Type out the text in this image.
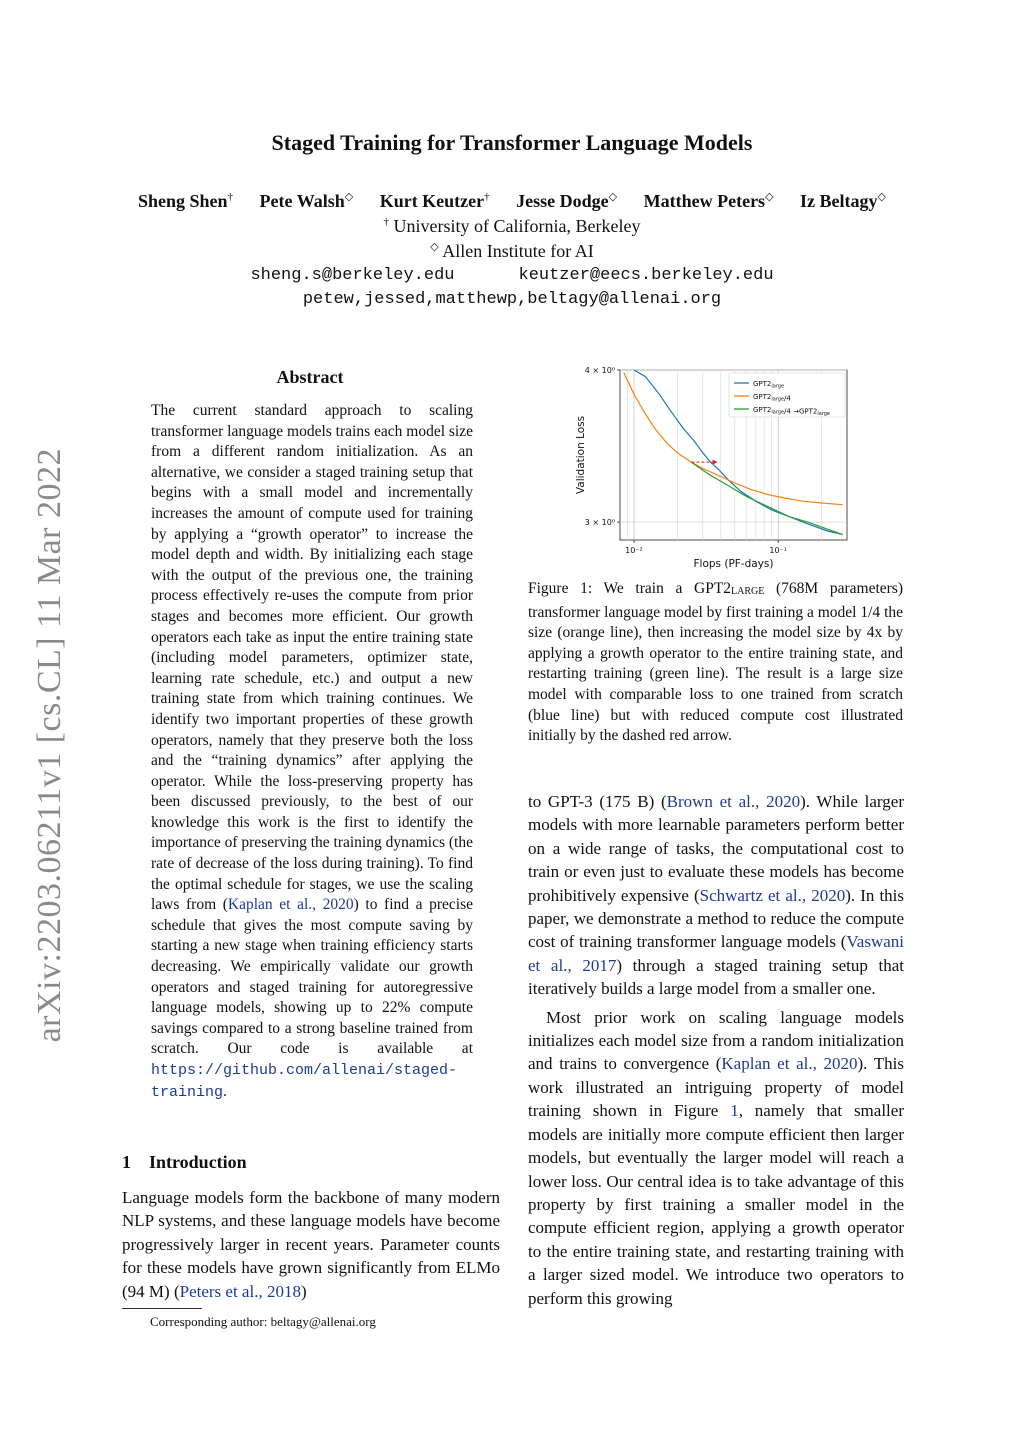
arXiv:2203.06211v1 [cs.CL] 11 Mar 2022
Staged Training for Transformer Language Models
Sheng Shen† Pete Walsh◇ Kurt Keutzer† Jesse Dodge◇ Matthew Peters◇ Iz Beltagy◇
† University of California, Berkeley
◇ Allen Institute for AI
sheng.s@berkeley.edu	keutzer@eecs.berkeley.edu
petew,jessed,matthewp,beltagy@allenai.org
Abstract
The current standard approach to scaling transformer language models trains each model size from a different random initialization. As an alternative, we consider a staged training setup that begins with a small model and incrementally increases the amount of compute used for training by applying a “growth operator” to increase the model depth and width. By initializing each stage with the output of the previous one, the training process effectively re-uses the compute from prior stages and becomes more efficient. Our growth operators each take as input the entire training state (including model parameters, optimizer state, learning rate schedule, etc.) and output a new training state from which training continues. We identify two important properties of these growth operators, namely that they preserve both the loss and the “training dynamics” after applying the operator. While the loss-preserving property has been discussed previously, to the best of our knowledge this work is the first to identify the importance of preserving the training dynamics (the rate of decrease of the loss during training). To find the optimal schedule for stages, we use the scaling laws from (Kaplan et al., 2020) to find a precise schedule that gives the most compute saving by starting a new stage when training efficiency starts decreasing. We empirically validate our growth operators and staged training for autoregressive language models, showing up to 22% compute savings compared to a strong baseline trained from scratch. Our code is available at https://github.com/allenai/staged-training.
1 Introduction
Language models form the backbone of many modern NLP systems, and these language models have become progressively larger in recent years. Parameter counts for these models have grown significantly from ELMo (94 M) (Peters et al., 2018)
Corresponding author: beltagy@allenai.org
10⁻²	10⁻¹
4 × 10⁰
3 × 10⁰
Flops (PF-days)
Validation Loss
$GPT2_{large}$
$GPT2_{large}/4$
$GPT2_{large}/4 \to GPT2_{large}$
Figure 1: We train a GPT2LARGE (768M parameters) transformer language model by first training a model 1/4 the size (orange line), then increasing the model size by 4x by applying a growth operator to the entire training state, and restarting training (green line). The result is a large size model with comparable loss to one trained from scratch (blue line) but with reduced compute cost illustrated initially by the dashed red arrow.

to GPT-3 (175 B) (Brown et al., 2020). While larger models with more learnable parameters perform better on a wide range of tasks, the computational cost to train or even just to evaluate these models has become prohibitively expensive (Schwartz et al., 2020). In this paper, we demonstrate a method to reduce the compute cost of training transformer language models (Vaswani et al., 2017) through a staged training setup that iteratively builds a large model from a smaller one.

Most prior work on scaling language models initializes each model size from a random initialization and trains to convergence (Kaplan et al., 2020). This work illustrated an intriguing property of model training shown in Figure 1, namely that smaller models are initially more compute efficient then larger models, but eventually the larger model will reach a lower loss. Our central idea is to take advantage of this property by first training a smaller model in the compute efficient region, applying a growth operator to the entire training state, and restarting training with a larger sized model. We introduce two operators to perform this growing
